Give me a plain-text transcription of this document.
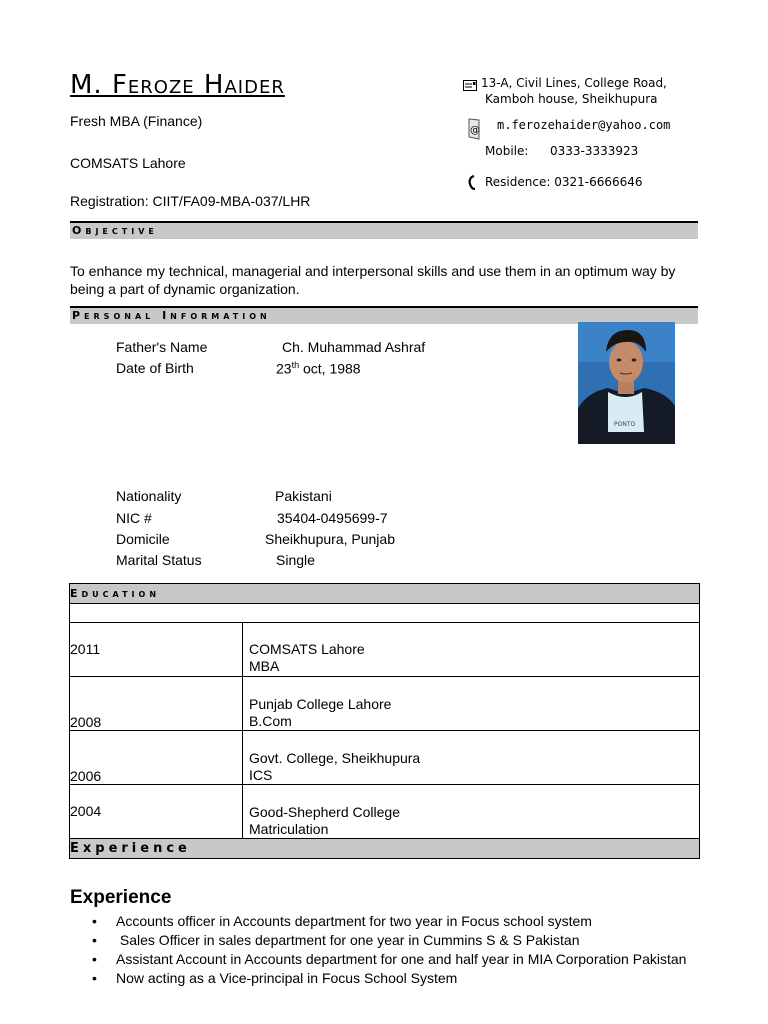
M. Feroze Haider
Fresh MBA (Finance)
COMSATS Lahore
Registration: CIIT/FA09-MBA-037/LHR
13-A, Civil Lines, College Road,
Kamboh house, Sheikhupura
@ m.ferozehaider@yahoo.com
Mobile: 0333-3333923
Residence: 0321-6666646
Objective
To enhance my technical, managerial and interpersonal skills and use them in an optimum way by being a part of dynamic organization.
Personal Information
Father's Name	Ch. Muhammad Ashraf
Date of Birth	23th oct, 1988
PONTO
Nationality	Pakistani
NIC #	35404-0495699-7
Domicile	Sheikhupura, Punjab
Marital Status	Single
Education	

2011	COMSATS Lahore
MBA

2008	Punjab College Lahore
B.Com

2006	Govt. College, Sheikhupura
ICS

2004	Good-Shepherd College
Matriculation

Experience	
Experience
• Accounts officer in Accounts department for two year in Focus school system
• Sales Officer in sales department for one year in Cummins S & S Pakistan
• Assistant Account in Accounts department for one and half year in MIA Corporation Pakistan
• Now acting as a Vice-principal in Focus School System
